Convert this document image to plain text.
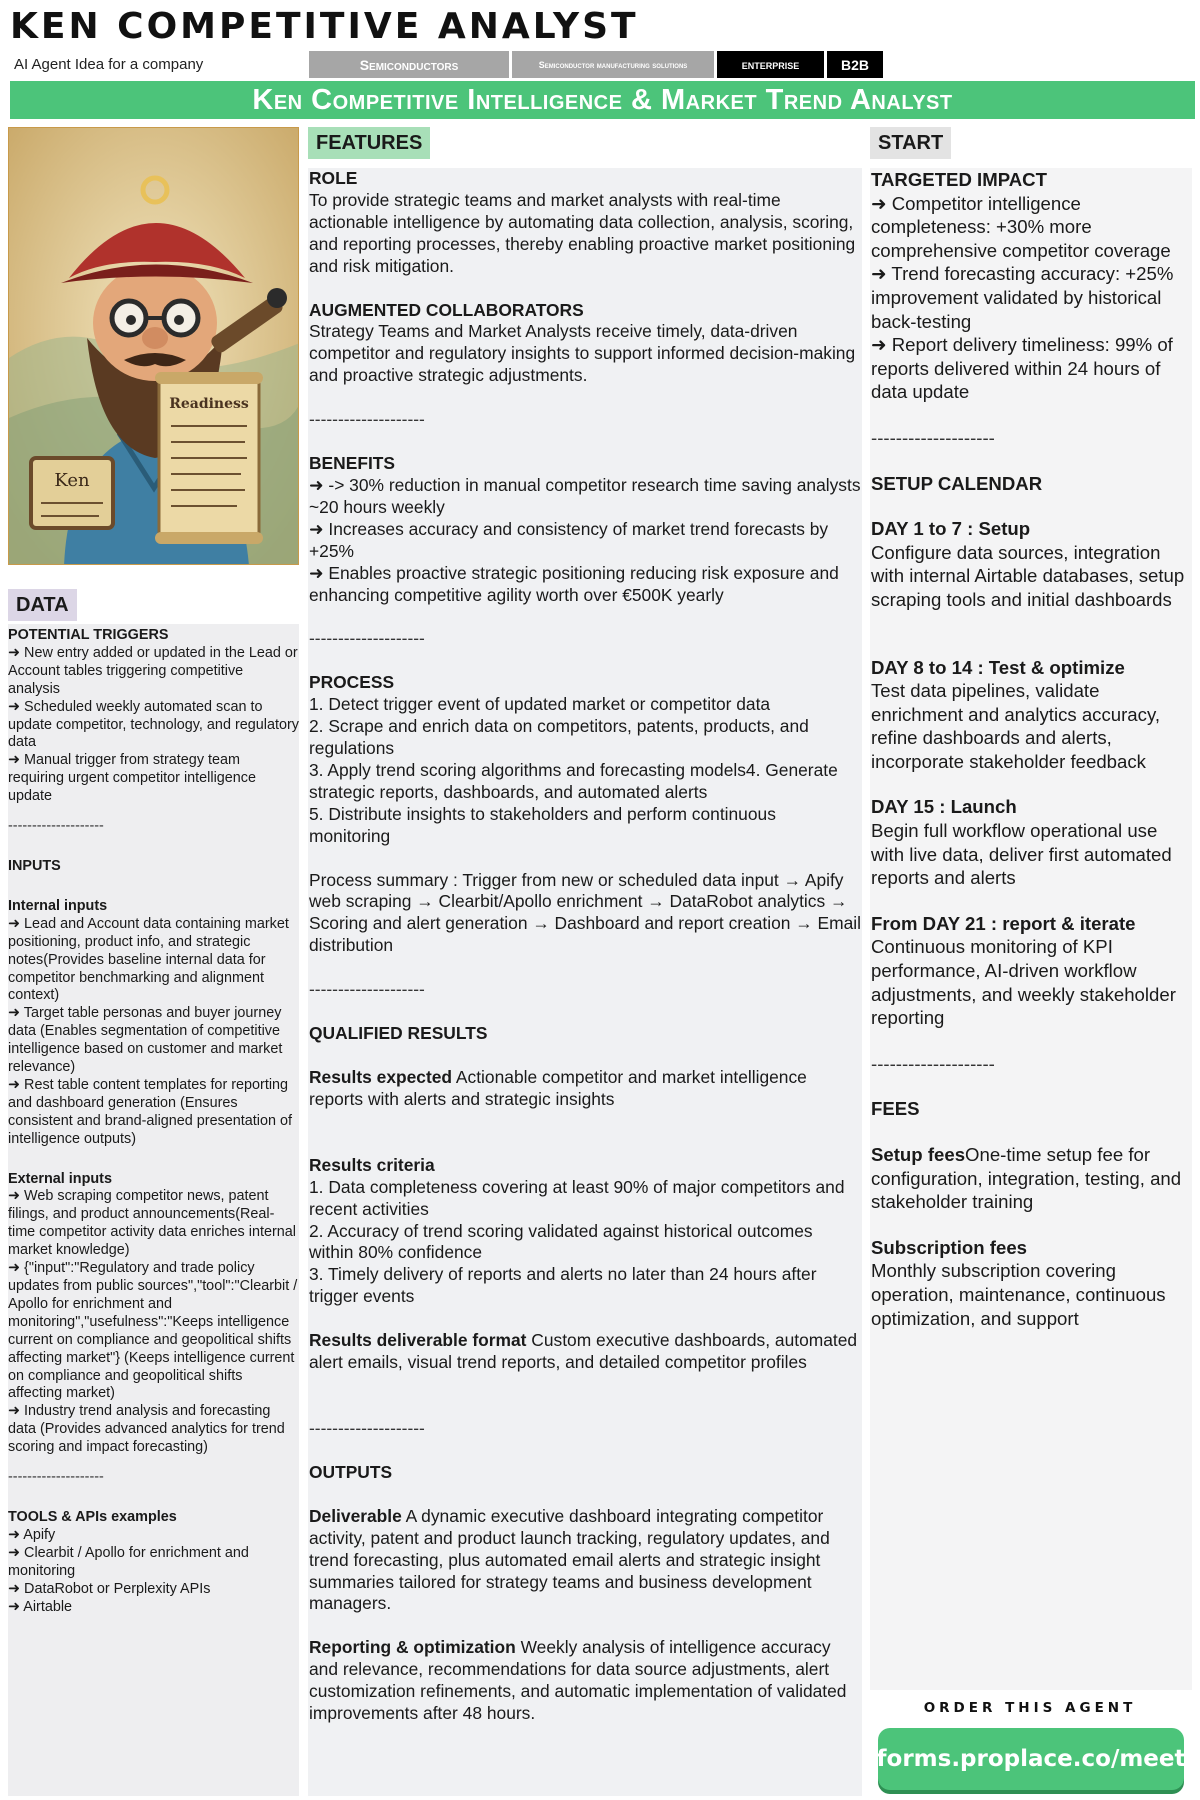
KEN COMPETITIVE ANALYST
AI Agent Idea for a company	Semiconductors	Semiconductor manufacturing solutions	enterprise	B2B
Ken Competitive Intelligence & Market Trend Analyst
Readiness
Ken
DATA
POTENTIAL TRIGGERS
➜ New entry added or updated in the Lead or Account tables triggering competitive analysis
➜ Scheduled weekly automated scan to update competitor, technology, and regulatory data
➜ Manual trigger from strategy team requiring urgent competitor intelligence update
--------------------
INPUTS
Internal inputs
➜ Lead and Account data containing market positioning, product info, and strategic notes(Provides baseline internal data for competitor benchmarking and alignment context)
➜ Target table personas and buyer journey data (Enables segmentation of competitive intelligence based on customer and market relevance)
➜ Rest table content templates for reporting and dashboard generation (Ensures consistent and brand-aligned presentation of intelligence outputs)
External inputs
➜ Web scraping competitor news, patent filings, and product announcements(Real-time competitor activity data enriches internal market knowledge)
➜ {"input":"Regulatory and trade policy updates from public sources","tool":"Clearbit / Apollo for enrichment and monitoring","usefulness":"Keeps intelligence current on compliance and geopolitical shifts affecting market"} (Keeps intelligence current on compliance and geopolitical shifts affecting market)
➜ Industry trend analysis and forecasting data (Provides advanced analytics for trend scoring and impact forecasting)
--------------------
TOOLS & APIs examples
➜ Apify
➜ Clearbit / Apollo for enrichment and monitoring
➜ DataRobot or Perplexity APIs
➜ Airtable
FEATURES
ROLE
To provide strategic teams and market analysts with real-time actionable intelligence by automating data collection, analysis, scoring, and reporting processes, thereby enabling proactive market positioning and risk mitigation.
AUGMENTED COLLABORATORS
Strategy Teams and Market Analysts receive timely, data-driven competitor and regulatory insights to support informed decision-making and proactive strategic adjustments.
--------------------
BENEFITS
➜ -> 30% reduction in manual competitor research time saving analysts ~20 hours weekly
➜ Increases accuracy and consistency of market trend forecasts by +25%
➜ Enables proactive strategic positioning reducing risk exposure and enhancing competitive agility worth over €500K yearly
--------------------
PROCESS
1. Detect trigger event of updated market or competitor data
2. Scrape and enrich data on competitors, patents, products, and regulations
3. Apply trend scoring algorithms and forecasting models4. Generate strategic reports, dashboards, and automated alerts
5. Distribute insights to stakeholders and perform continuous monitoring
Process summary : Trigger from new or scheduled data input → Apify web scraping → Clearbit/Apollo enrichment → DataRobot analytics → Scoring and alert generation → Dashboard and report creation → Email distribution
--------------------
QUALIFIED RESULTS
Results expected Actionable competitor and market intelligence reports with alerts and strategic insights
Results criteria
1. Data completeness covering at least 90% of major competitors and recent activities
2. Accuracy of trend scoring validated against historical outcomes within 80% confidence
3. Timely delivery of reports and alerts no later than 24 hours after trigger events
Results deliverable format Custom executive dashboards, automated alert emails, visual trend reports, and detailed competitor profiles
--------------------
OUTPUTS
Deliverable A dynamic executive dashboard integrating competitor activity, patent and product launch tracking, regulatory updates, and trend forecasting, plus automated email alerts and strategic insight summaries tailored for strategy teams and business development managers.
Reporting & optimization Weekly analysis of intelligence accuracy and relevance, recommendations for data source adjustments, alert customization refinements, and automatic implementation of validated improvements after 48 hours.
START
TARGETED IMPACT
➜ Competitor intelligence completeness: +30% more comprehensive competitor coverage
➜ Trend forecasting accuracy: +25% improvement validated by historical back-testing
➜ Report delivery timeliness: 99% of reports delivered within 24 hours of data update
--------------------
SETUP CALENDAR
DAY 1 to 7 : Setup
Configure data sources, integration with internal Airtable databases, setup scraping tools and initial dashboards
DAY 8 to 14 : Test & optimize
Test data pipelines, validate enrichment and analytics accuracy, refine dashboards and alerts, incorporate stakeholder feedback
DAY 15 : Launch
Begin full workflow operational use with live data, deliver first automated reports and alerts
From DAY 21 : report & iterate
Continuous monitoring of KPI performance, AI-driven workflow adjustments, and weekly stakeholder reporting
--------------------
FEES
Setup feesOne-time setup fee for configuration, integration, testing, and stakeholder training
Subscription fees
Monthly subscription covering operation, maintenance, continuous optimization, and support
ORDER THIS AGENT
forms.proplace.co/meet
